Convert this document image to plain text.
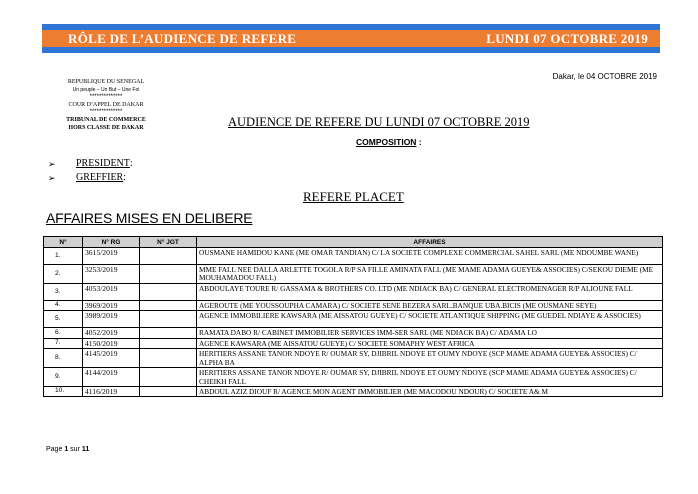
RÔLE DE L’AUDIENCE DE REFERE	LUNDI 07 OCTOBRE 2019
Dakar, le 04 OCTOBRE 2019
REPUBLIQUE DU SENEGAL
Un peuple – Un But – Une Foi
**************
COUR D’APPEL DE DAKAR
**************
TRIBUNAL DE COMMERCE
HORS CLASSE DE DAKAR	AUDIENCE DE REFERE DU LUNDI 07 OCTOBRE 2019
COMPOSITION :
➢	PRESIDENT :
➢	GREFFIER :
REFERE PLACET
AFFAIRES MISES EN DELIBERE
N°	N° RG	N° JGT	AFFAIRES
1.	3615/2019		OUSMANE HAMIDOU KANE (ME OMAR TANDIAN) C/ LA SOCIETE COMPLEXE COMMERCIAL SAHEL SARL (ME NDOUMBE WANE)
2.	3253/2019		MME FALL NEE DALLA ARLETTE TOGOLA R/P SA FILLE AMINATA FALL (ME MAME ADAMA GUEYE& ASSOCIES) C/SEKOU DIEME (ME MOUHAMADOU FALL)
3.	4053/2019		ABDOULAYE TOURE R/ GASSAMA & BROTHERS CO. LTD (ME NDIACK BA) C/ GENERAL ELECTROMENAGER R/P ALIOUNE FALL
4.	3969/2019		AGEROUTE (ME YOUSSOUPHA CAMARA) C/ SOCIETE SENE BEZERA SARL.BANQUE UBA.BICIS (ME OUSMANE SEYE)
5.	3989/2019		AGENCE IMMOBILIERE KAWSARA (ME AISSATOU GUEYE) C/ SOCIETE ATLANTIQUE SHIPPING (ME GUEDEL NDIAYE & ASSOCIES)
6.	4052/2019		RAMATA DABO R/ CABINET IMMOBILIER SERVICES IMM-SER SARL (ME NDIACK BA) C/ ADAMA LO
7.	4150/2019		AGENCE KAWSARA (ME AISSATOU GUEYE) C/ SOCIETE SOMAPHY WEST AFRICA
8.	4145/2019		HERITIERS ASSANE TANOR NDOYE R/ OUMAR SY, DJIBRIL NDOYE ET OUMY NDOYE (SCP MAME ADAMA GUEYE& ASSOCIES) C/ ALPHA BA
9.	4144/2019		HERITIERS ASSANE TANOR NDOYE R/ OUMAR SY, DJIBRIL NDOYE ET OUMY NDOYE (SCP MAME ADAMA GUEYE& ASSOCIES) C/ CHEIKH FALL
10.	4116/2019		ABDOUL AZIZ DIOUF R/ AGENCE MON AGENT IMMOBILIER (ME MACODOU NDOUR) C/ SOCIETE A& M
Page 1 sur 11
